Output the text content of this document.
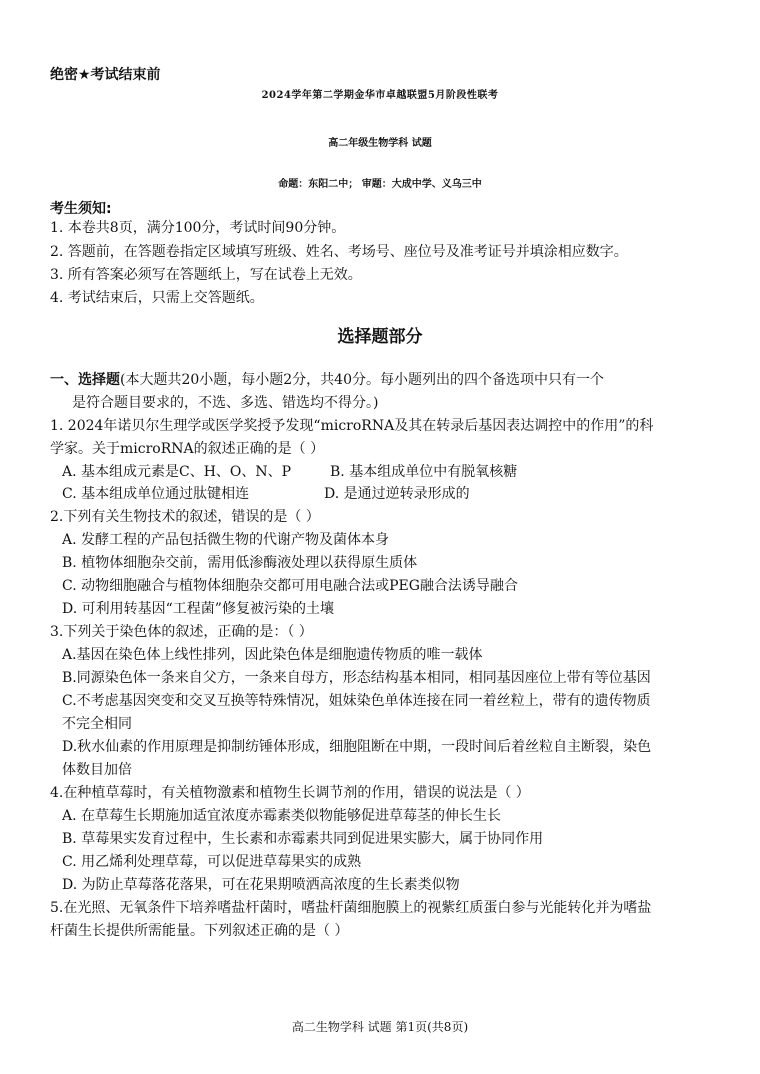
绝密★考试结束前
2024学年第二学期金华市卓越联盟5月阶段性联考
高二年级生物学科 试题
命题：东阳二中； 审题：大成中学、义乌三中
考生须知:
1. 本卷共8页，满分100分，考试时间90分钟。
2. 答题前，在答题卷指定区域填写班级、姓名、考场号、座位号及准考证号并填涂相应数字。
3. 所有答案必须写在答题纸上，写在试卷上无效。
4. 考试结束后，只需上交答题纸。
选择题部分
一、选择题(本大题共20小题，每小题2分，共40分。每小题列出的四个备选项中只有一个
是符合题目要求的，不选、多选、错选均不得分。)
1. 2024年诺贝尔生理学或医学奖授予发现“microRNA及其在转录后基因表达调控中的作用”的科
学家。关于microRNA的叙述正确的是（ ）
A. 基本组成元素是C、H、O、N、P	B. 基本组成单位中有脱氧核糖
C. 基本组成单位通过肽键相连	D. 是通过逆转录形成的
2.下列有关生物技术的叙述，错误的是（ ）
A. 发酵工程的产品包括微生物的代谢产物及菌体本身
B. 植物体细胞杂交前，需用低渗酶液处理以获得原生质体
C. 动物细胞融合与植物体细胞杂交都可用电融合法或PEG融合法诱导融合
D. 可利用转基因“工程菌”修复被污染的土壤
3.下列关于染色体的叙述，正确的是：（ ）
A.基因在染色体上线性排列，因此染色体是细胞遗传物质的唯一载体
B.同源染色体一条来自父方，一条来自母方，形态结构基本相同，相同基因座位上带有等位基因
C.不考虑基因突变和交叉互换等特殊情况，姐妹染色单体连接在同一着丝粒上，带有的遗传物质
不完全相同
D.秋水仙素的作用原理是抑制纺锤体形成，细胞阻断在中期，一段时间后着丝粒自主断裂，染色
体数目加倍
4.在种植草莓时，有关植物激素和植物生长调节剂的作用，错误的说法是（ ）
A. 在草莓生长期施加适宜浓度赤霉素类似物能够促进草莓茎的伸长生长
B. 草莓果实发育过程中，生长素和赤霉素共同到促进果实膨大，属于协同作用
C. 用乙烯利处理草莓，可以促进草莓果实的成熟
D. 为防止草莓落花落果，可在花果期喷洒高浓度的生长素类似物
5.在光照、无氧条件下培养嗜盐杆菌时，嗜盐杆菌细胞膜上的视紫红质蛋白参与光能转化并为嗜盐
杆菌生长提供所需能量。下列叙述正确的是（ ）
高二生物学科 试题 第1页(共8页)
